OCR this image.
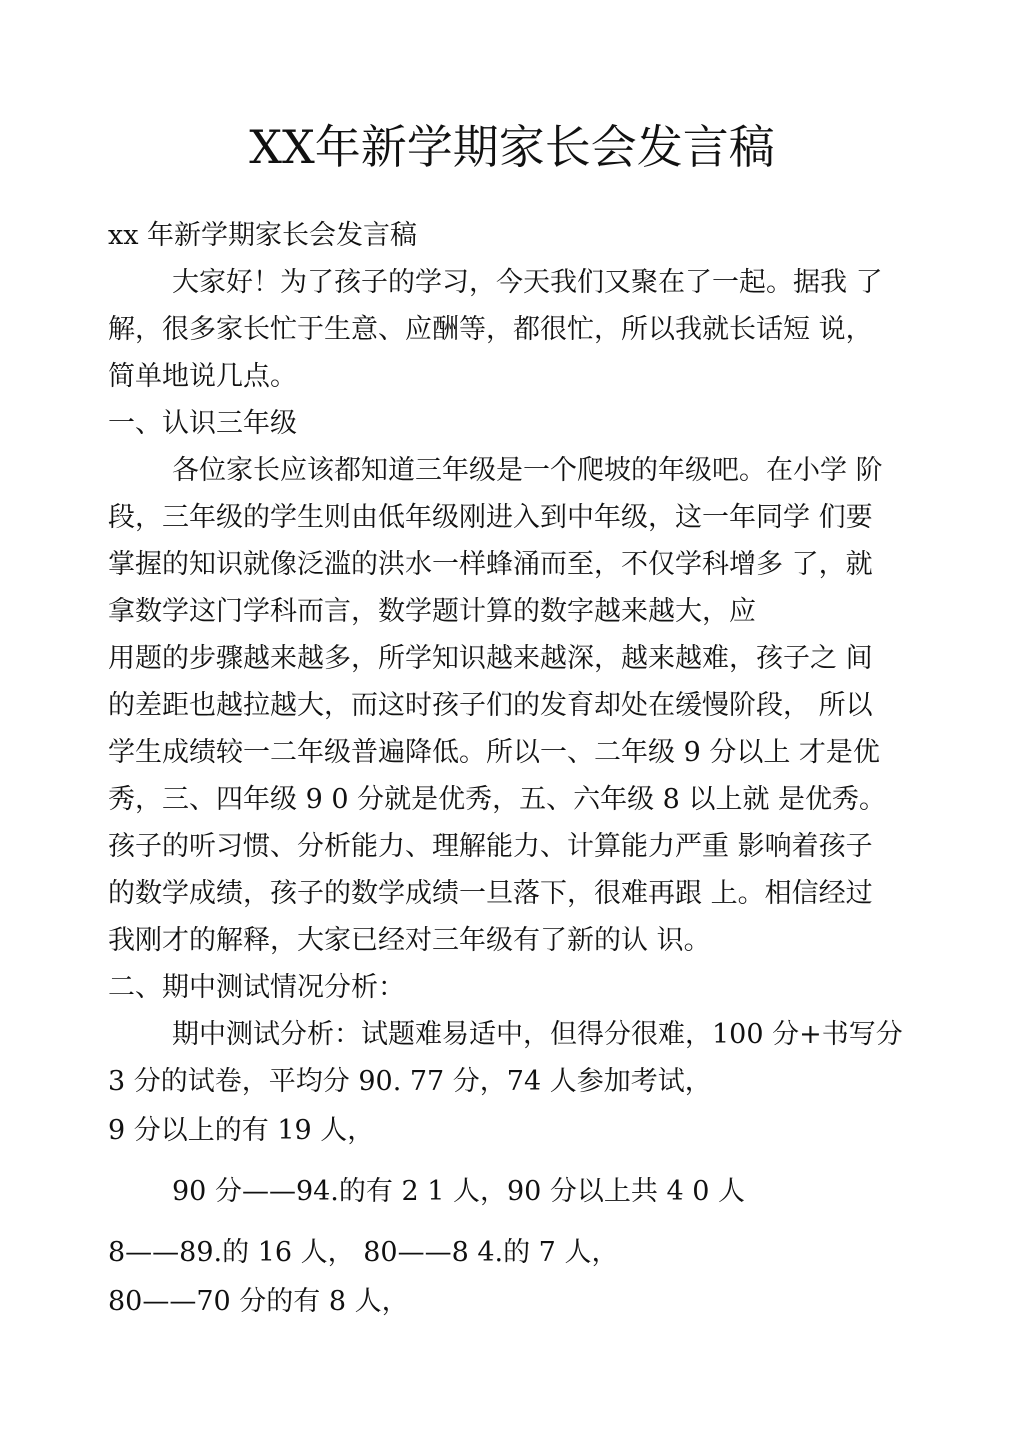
XX年新学期家长会发言稿
xx 年新学期家长会发言稿
大家好！为了孩子的学习，今天我们又聚在了一起。据我 了
解，很多家长忙于生意、应酬等，都很忙，所以我就长话短 说，
简单地说几点。
一、认识三年级
各位家长应该都知道三年级是一个爬坡的年级吧。在小学 阶
段，三年级的学生则由低年级刚进入到中年级，这一年同学 们要
掌握的知识就像泛滥的洪水一样蜂涌而至，不仅学科增多 了，就
拿数学这门学科而言，数学题计算的数字越来越大，应
用题的步骤越来越多，所学知识越来越深，越来越难，孩子之 间
的差距也越拉越大，而这时孩子们的发育却处在缓慢阶段， 所以
学生成绩较一二年级普遍降低。所以一、二年级 9 分以上 才是优
秀，三、四年级 9 0 分就是优秀，五、六年级 8 以上就 是优秀。
孩子的听习惯、分析能力、理解能力、计算能力严重 影响着孩子
的数学成绩，孩子的数学成绩一旦落下，很难再跟 上。相信经过
我刚才的解释，大家已经对三年级有了新的认 识。
二、期中测试情况分析：
期中测试分析：试题难易适中，但得分很难，100 分+书写分
3 分的试卷，平均分 90. 77 分，74 人参加考试，
9 分以上的有 19 人，
90 分——94.的有 2 1 人，90 分以上共 4 0 人
8——89.的 16 人， 80——8 4.的 7 人，
80——70 分的有 8 人，
